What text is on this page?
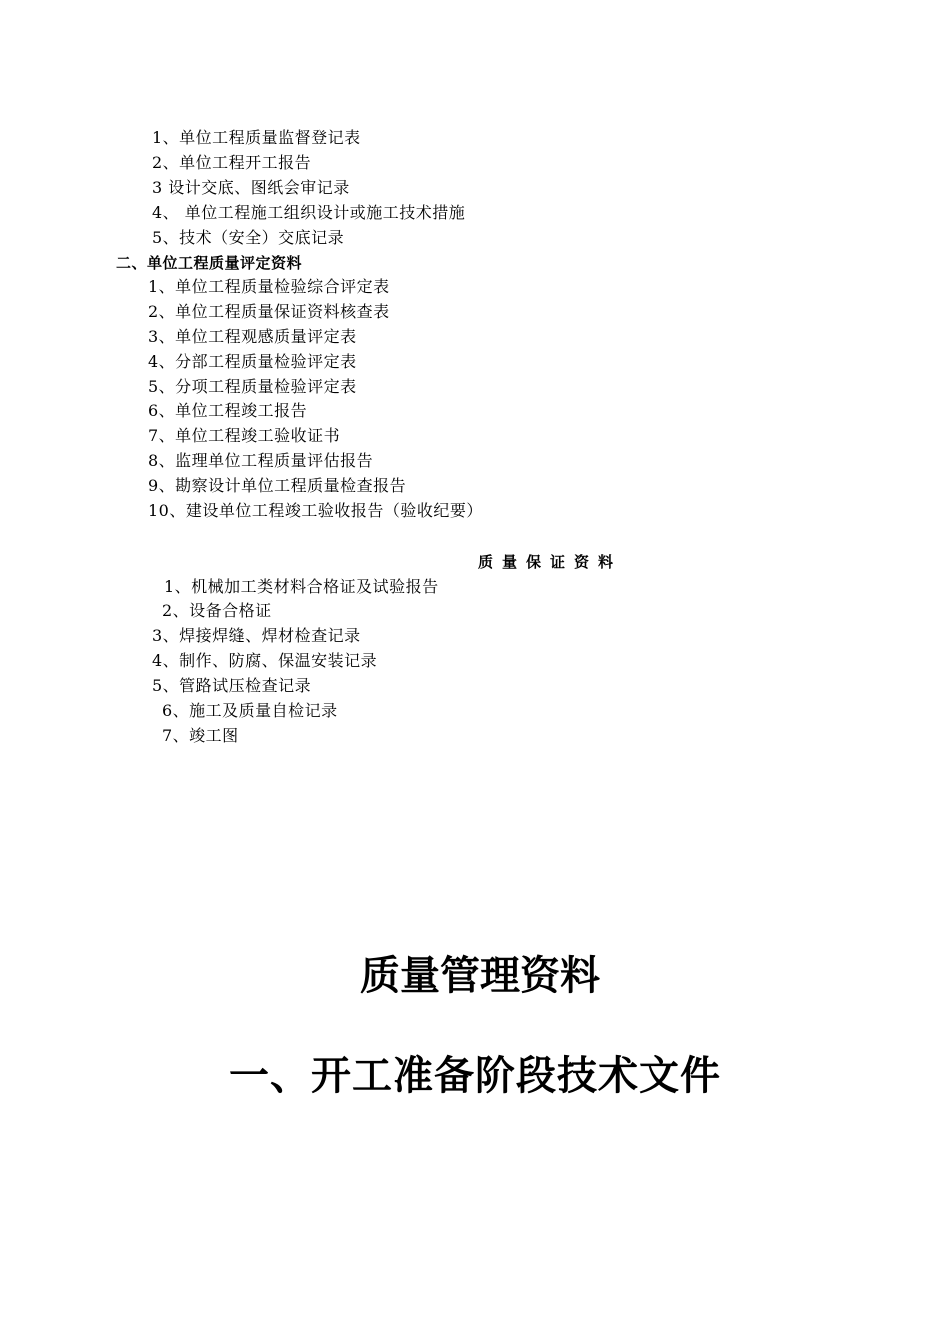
1、单位工程质量监督登记表
2、单位工程开工报告
3 设计交底、图纸会审记录
4、 单位工程施工组织设计或施工技术措施
5、技术（安全）交底记录
二、单位工程质量评定资料
1、单位工程质量检验综合评定表
2、单位工程质量保证资料核查表
3、单位工程观感质量评定表
4、分部工程质量检验评定表
5、分项工程质量检验评定表
6、单位工程竣工报告
7、单位工程竣工验收证书
8、监理单位工程质量评估报告
9、勘察设计单位工程质量检查报告
10、建设单位工程竣工验收报告（验收纪要）
质量保证资料
1、机械加工类材料合格证及试验报告
2、设备合格证
3、焊接焊缝、焊材检查记录
4、制作、防腐、保温安装记录
5、管路试压检查记录
6、施工及质量自检记录
7、竣工图
质量管理资料
一、开工准备阶段技术文件
